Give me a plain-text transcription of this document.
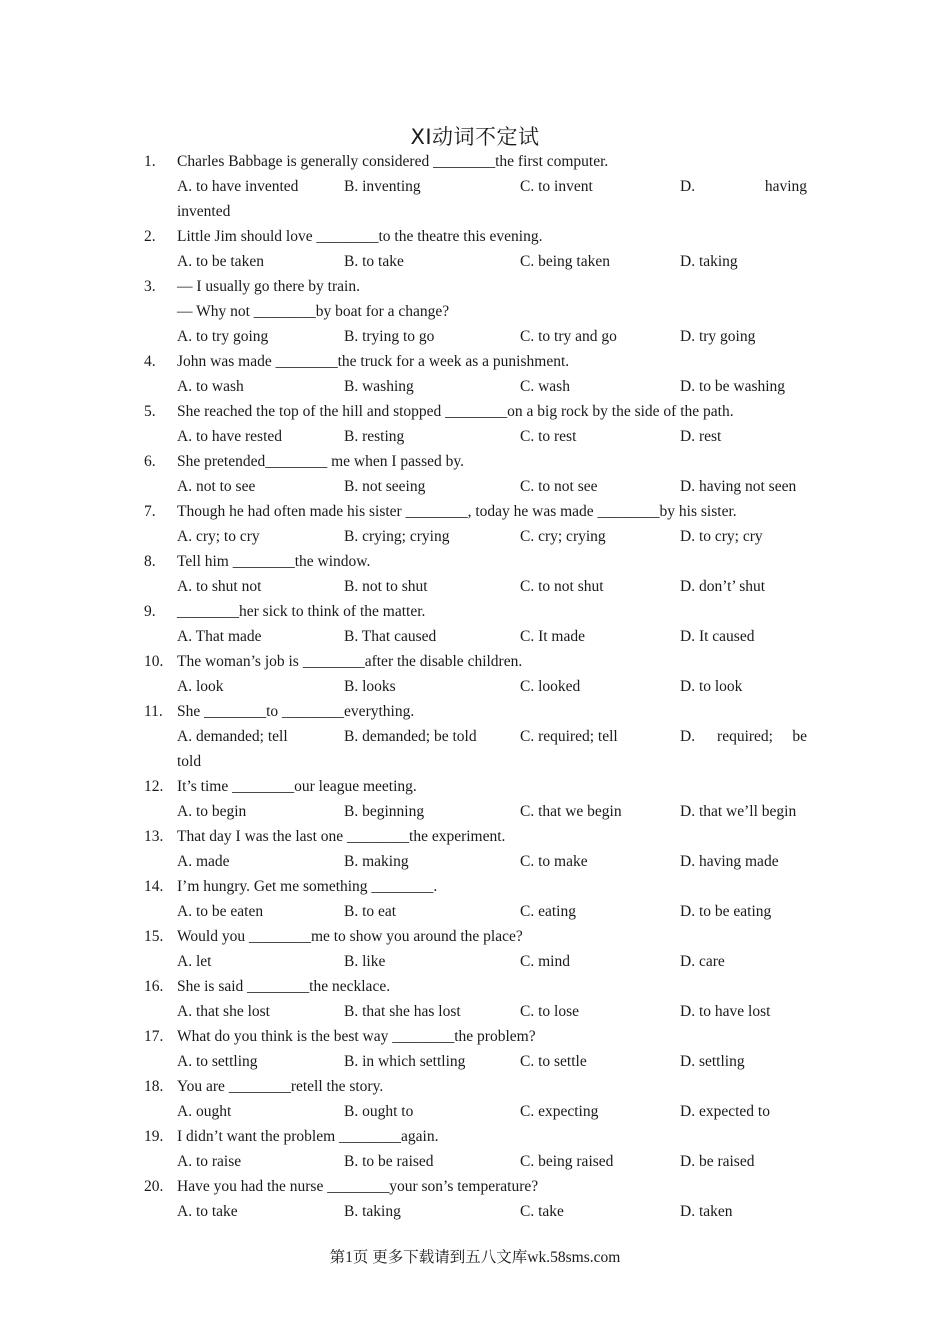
XI动词不定试
1. Charles Babbage is generally considered ________the first computer.
A. to have invented	B. inventing	C. to invent	D.	having
invented
2. Little Jim should love ________to the theatre this evening.
A. to be taken	B. to take	C. being taken	D. taking
3. — I usually go there by train.
— Why not ________by boat for a change?
A. to try going	B. trying to go	C. to try and go	D. try going
4. John was made ________the truck for a week as a punishment.
A. to wash	B. washing	C. wash	D. to be washing
5. She reached the top of the hill and stopped ________on a big rock by the side of the path.
A. to have rested	B. resting	C. to rest	D. rest
6. She pretended________ me when I passed by.
A. not to see	B. not seeing	C. to not see	D. having not seen
7. Though he had often made his sister ________, today he was made ________by his sister.
A. cry; to cry	B. crying; crying	C. cry; crying	D. to cry; cry
8. Tell him ________the window.
A. to shut not	B. not to shut	C. to not shut	D. don’t’ shut
9. ________her sick to think of the matter.
A. That made	B. That caused	C. It made	D. It caused
10. The woman’s job is ________after the disable children.
A. look	B. looks	C. looked	D. to look
11. She ________to ________everything.
A. demanded; tell	B. demanded; be told	C. required; tell	D. required;     be
told
12. It’s time ________our league meeting.
A. to begin	B. beginning	C. that we begin	D. that we’ll begin
13. That day I was the last one ________the experiment.
A. made	B. making	C. to make	D. having made
14. I’m hungry. Get me something ________.
A. to be eaten	B. to eat	C. eating	D. to be eating
15. Would you ________me to show you around the place?
A. let	B. like	C. mind	D. care
16. She is said ________the necklace.
A. that she lost	B. that she has lost	C. to lose	D. to have lost
17. What do you think is the best way ________the problem?
A. to settling	B. in which settling	C. to settle	D. settling
18. You are ________retell the story.
A. ought	B. ought to	C. expecting	D. expected to
19. I didn’t want the problem ________again.
A. to raise	B. to be raised	C. being raised	D. be raised
20. Have you had the nurse ________your son’s temperature?
A. to take	B. taking	C. take	D. taken
第1页 更多下载请到五八文库wk.58sms.com
